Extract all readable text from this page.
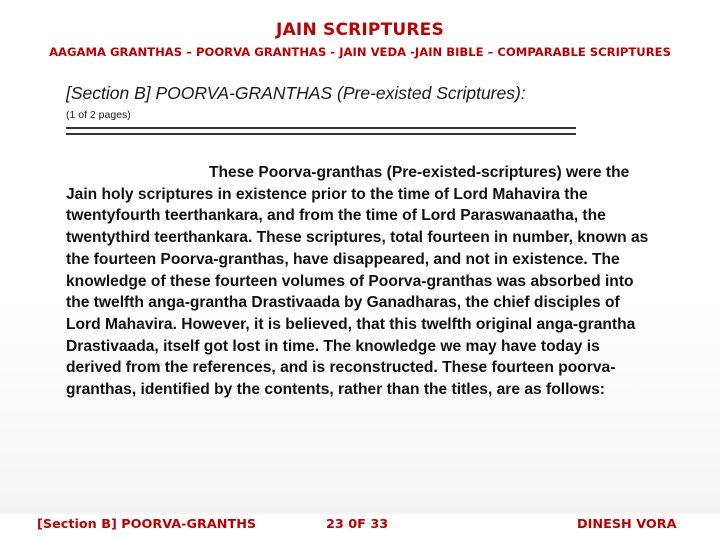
JAIN SCRIPTURES
AAGAMA GRANTHAS – POORVA GRANTHAS - JAIN VEDA -JAIN BIBLE – COMPARABLE SCRIPTURES
[Section B] POORVA-GRANTHAS (Pre-existed Scriptures):
(1 of 2 pages)

These Poorva-granthas (Pre-existed-scriptures) were the Jain holy scriptures in existence prior to the time of Lord Mahavira the twentyfourth teerthankara, and from the time of Lord Paraswanaatha, the twentythird teerthankara. These scriptures, total fourteen in number, known as the fourteen Poorva-granthas, have disappeared, and not in existence. The knowledge of these fourteen volumes of Poorva-granthas was absorbed into the twelfth anga-grantha Drastivaada by Ganadharas, the chief disciples of Lord Mahavira. However, it is believed, that this twelfth original anga-grantha Drastivaada, itself got lost in time. The knowledge we may have today is derived from the references, and is reconstructed. These fourteen poorva-granthas, identified by the contents, rather than the titles, are as follows:

[Section B] POORVA-GRANTHS	23 0F 33	DINESH VORA
